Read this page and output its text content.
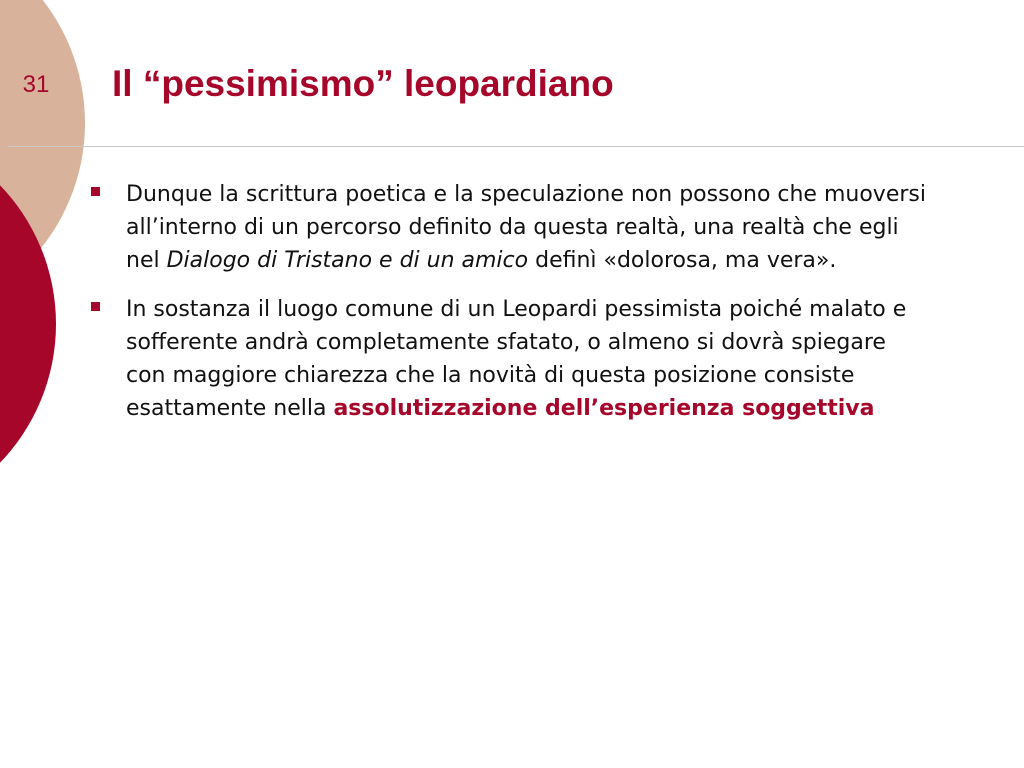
31 Il “pessimismo” leopardiano
Dunque la scrittura poetica e la speculazione non possono che muoversi all’interno di un percorso definito da questa realtà, una realtà che egli nel Dialogo di Tristano e di un amico definì «dolorosa, ma vera».
In sostanza il luogo comune di un Leopardi pessimista poiché malato e sofferente andrà completamente sfatato, o almeno si dovrà spiegare con maggiore chiarezza che la novità di questa posizione consiste esattamente nella assolutizzazione dell’esperienza soggettiva
